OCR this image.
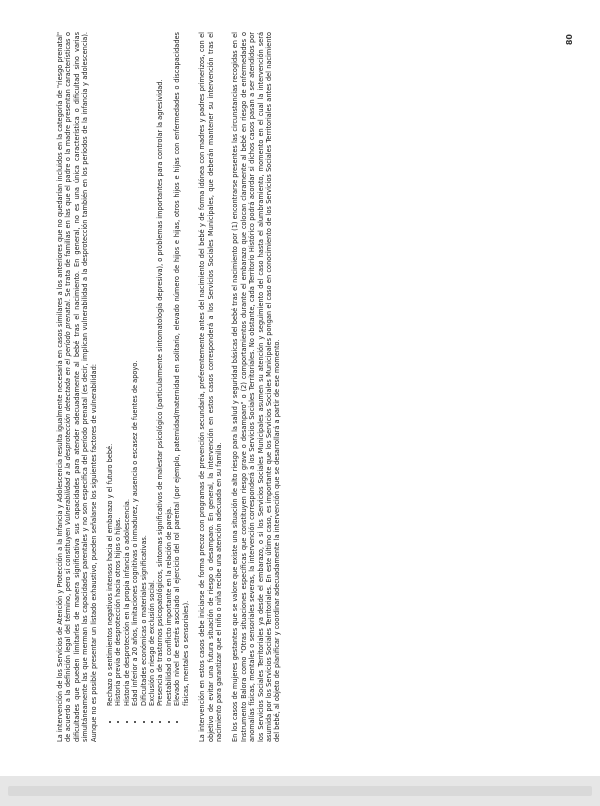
80

La intervención de los Servicios de Atención y Protección a la Infancia y Adolescencia resulta igualmente necesaria en casos similares a los anteriores que no quedarían incluidos en la categoría de "riesgo prenatal" de acuerdo a la definición legal del término, pero sí constituyen Vulnerabilidad a la desprotección detectada en el período prenatal. Se trata de familias en las que el padre o la madre presentan características o dificultades que pueden limitarles de manera significativa sus capacidades para atender adecuadamente al bebé tras el nacimiento. En general, no es una única característica o dificultad sino varias simultáneamente las que merman las capacidades parentales y no son específica del período prenatal (es decir, implican vulnerabilidad a la desprotección también en los períodos de la infancia y adolescencia). Aunque no es posible presentar un listado exhaustivo, pueden señalarse los siguientes factores de vulnerabilidad: • Rechazo o sentimientos negativos intensos hacia el embarazo y el futuro bebé. • Historia previa de desprotección hacia otros hijos o hijas. • Historia de desprotección en la propia infancia o adolescencia. • Edad inferior a 20 años, limitaciones cognitivas o inmadurez, y ausencia o escasez de fuentes de apoyo. • Dificultades económicas o materiales significativas. • Exclusión o riesgo de exclusión social. • Presencia de trastornos psicopatológicos, síntomas significativos de malestar psicológico (particularmente sintomatología depresiva), o problemas importantes para controlar la agresividad. • Inestabilidad o conflicto importante en la relación de pareja. • Elevado nivel de estrés asociado al ejercicio del rol parental (por ejemplo, paternidad/maternidad en solitario, elevado número de hijos e hijas, otros hijos e hijas con enfermedades o discapacidades físicas, mentales o sensoriales). La intervención en estos casos debe iniciarse de forma precoz con programas de prevención secundaria, preferentemente antes del nacimiento del bebé y de forma idónea con madres y padres primerizos, con el objetivo de evitar una futura situación de riesgo o desamparo. En general, la intervención en estos casos corresponderá a los Servicios Sociales Municipales, que deberán mantener su intervención tras el nacimiento para garantizar que el niño o niña recibe una atención adecuada en su familia. En los casos de mujeres gestantes que se valore que existe una situación de alto riesgo para la salud y seguridad básicas del bebé tras el nacimiento por (1) encontrarse presentes las circunstancias recogidas en el Instrumento Balora como "Otras situaciones específicas que constituyen riesgo grave o desamparo" o (2) comportamientos durante el embarazo que colocan claramente al bebé en riesgo de enfermedades o anomalías físicas, mentales o sensoriales severas, la intervención corresponderá a los Servicios Sociales Territoriales. No obstante, cada Territorio Histórico podrá acordar si dichos casos pasan a ser atendidos por los Servicios Sociales Territoriales ya desde el embarazo, o si los Servicios Sociales Municipales asumen su atención y seguimiento del caso hasta el alumbramiento, momento en el cual la intervención será asumida por los Servicios Sociales Territoriales. En este último caso, es importante que los Servicios Sociales Municipales pongan el caso en conocimiento de los Servicios Sociales Territoriales antes del nacimiento del bebé, al objeto de planificar y coordinar adecuadamente la intervención que se desarrollará a partir de ese momento.
